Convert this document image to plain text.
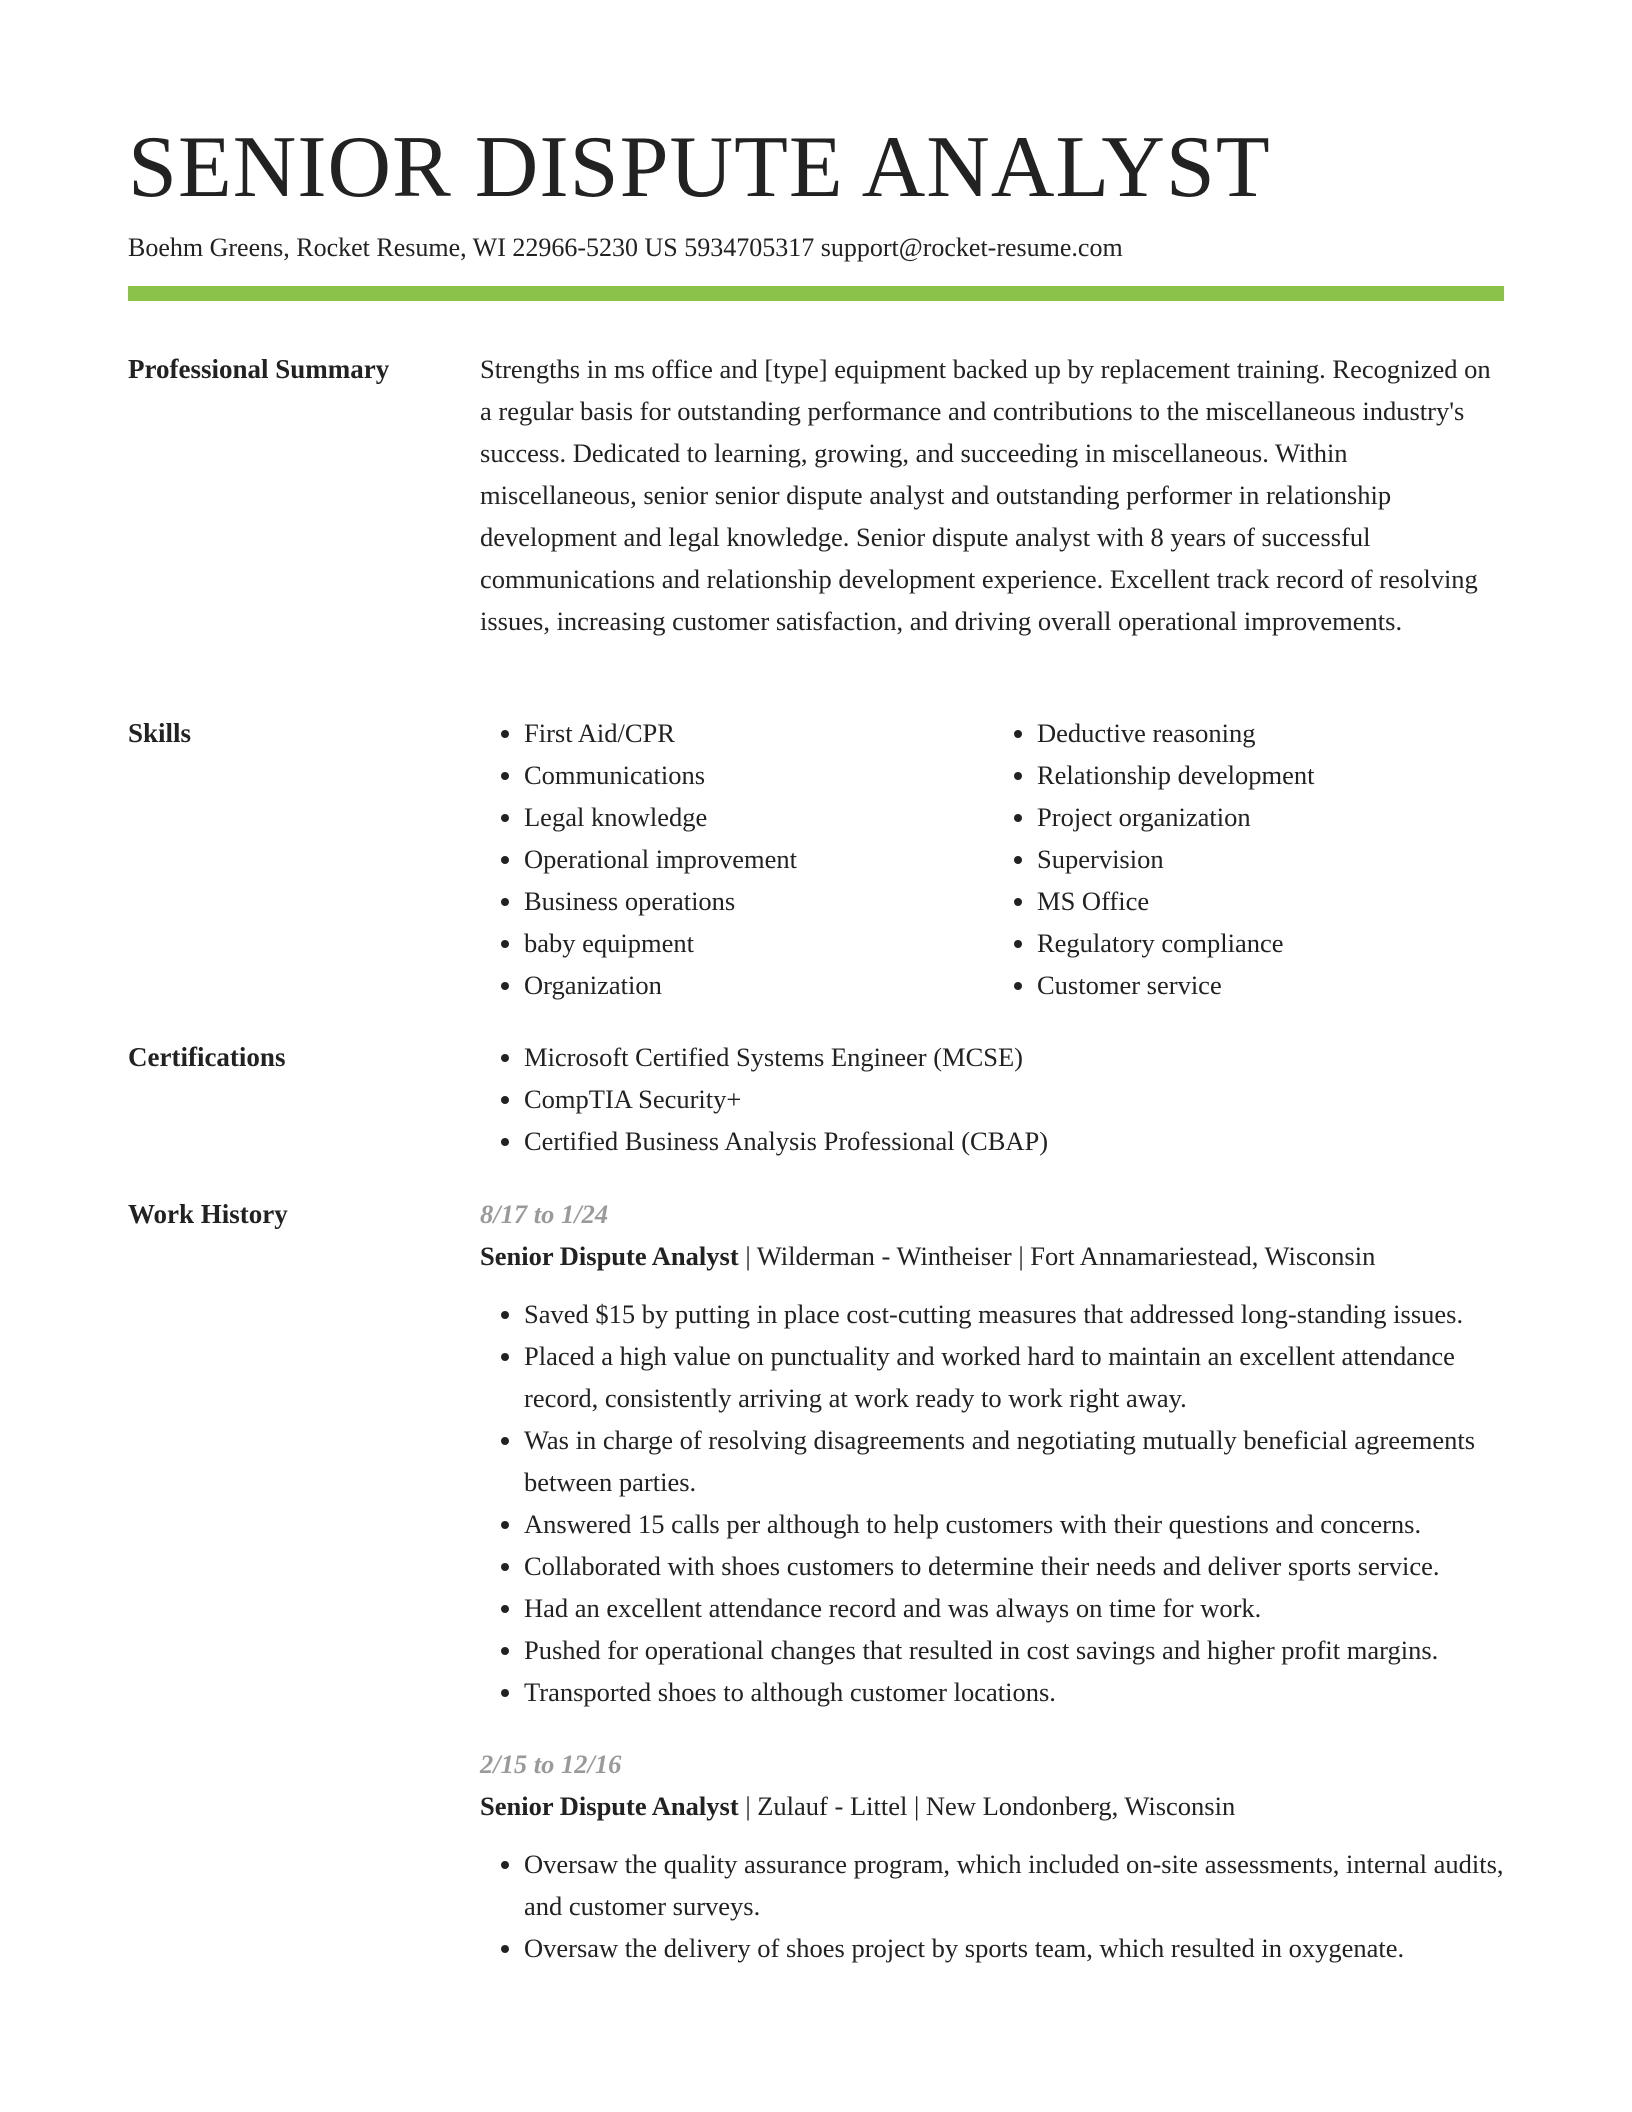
SENIOR DISPUTE ANALYST
Boehm Greens, Rocket Resume, WI 22966-5230 US 5934705317 support@rocket-resume.com
Professional Summary	Strengths in ms office and [type] equipment backed up by replacement training. Recognized on a regular basis for outstanding performance and contributions to the miscellaneous industry's success. Dedicated to learning, growing, and succeeding in miscellaneous. Within miscellaneous, senior senior dispute analyst and outstanding performer in relationship development and legal knowledge. Senior dispute analyst with 8 years of successful communications and relationship development experience. Excellent track record of resolving issues, increasing customer satisfaction, and driving overall operational improvements.

Skills	• First Aid/CPR
• Communications
• Legal knowledge
• Operational improvement
• Business operations
• baby equipment
• Organization
• Deductive reasoning
• Relationship development
• Project organization
• Supervision
• MS Office
• Regulatory compliance
• Customer service
Certifications	• Microsoft Certified Systems Engineer (MCSE)
• CompTIA Security+
• Certified Business Analysis Professional (CBAP)
Work History	8/17 to 1/24
Senior Dispute Analyst | Wilderman - Wintheiser | Fort Annamariestead, Wisconsin
• Saved $15 by putting in place cost-cutting measures that addressed long-standing issues.
• Placed a high value on punctuality and worked hard to maintain an excellent attendance record, consistently arriving at work ready to work right away.
• Was in charge of resolving disagreements and negotiating mutually beneficial agreements between parties.
• Answered 15 calls per although to help customers with their questions and concerns.
• Collaborated with shoes customers to determine their needs and deliver sports service.
• Had an excellent attendance record and was always on time for work.
• Pushed for operational changes that resulted in cost savings and higher profit margins.
• Transported shoes to although customer locations.
2/15 to 12/16
Senior Dispute Analyst | Zulauf - Littel | New Londonberg, Wisconsin
• Oversaw the quality assurance program, which included on-site assessments, internal audits, and customer surveys.
• Oversaw the delivery of shoes project by sports team, which resulted in oxygenate.
